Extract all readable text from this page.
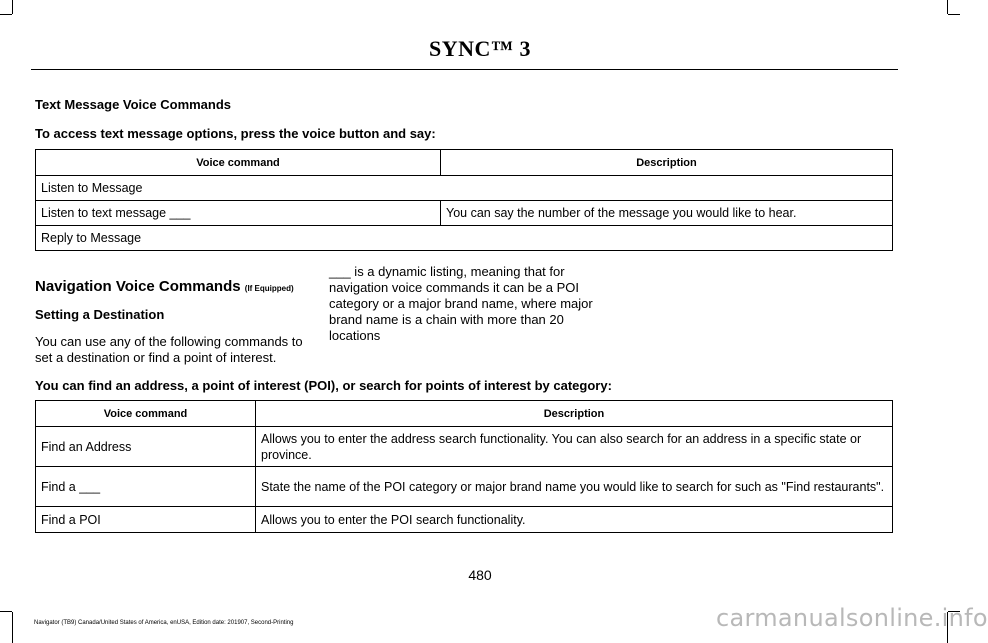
SYNC™ 3
Text Message Voice Commands
To access text message options, press the voice button and say:
Voice command	Description
Listen to Message	
Listen to text message ___	You can say the number of the message you would like to hear.
Reply to Message	
Navigation Voice Commands (If Equipped)
Setting a Destination
You can use any of the following commands to set a destination or find a point of interest.
___ is a dynamic listing, meaning that for navigation voice commands it can be a POI category or a major brand name, where major brand name is a chain with more than 20 locations
You can find an address, a point of interest (POI), or search for points of interest by category:
Voice command	Description
Find an Address	Allows you to enter the address search functionality. You can also search for an address in a specific state or province.
Find a ___	State the name of the POI category or major brand name you would like to search for such as "Find restaurants".
Find a POI	Allows you to enter the POI search functionality.
480
Navigator (TB9) Canada/United States of America, enUSA, Edition date: 201907, Second-Printing	carmanualsonline.info
